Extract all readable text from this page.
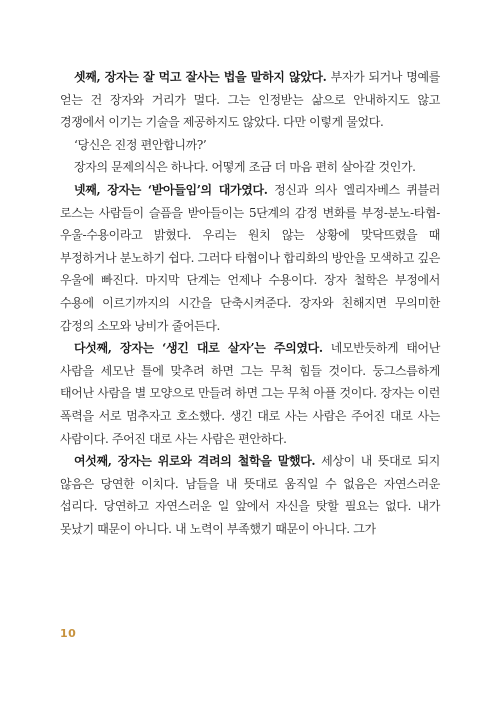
셋째, 장자는 잘 먹고 잘사는 법을 말하지 않았다. 부자가 되거나 명예를 얻는 건 장자와 거리가 멀다. 그는 인정받는 삶으로 안내하지도 않고 경쟁에서 이기는 기술을 제공하지도 않았다. 다만 이렇게 물었다.

‘당신은 진정 편안합니까?’

장자의 문제의식은 하나다. 어떻게 조금 더 마음 편히 살아갈 것인가.

넷째, 장자는 ‘받아들임’의 대가였다. 정신과 의사 엘리자베스 퀴블러 로스는 사람들이 슬픔을 받아들이는 5단계의 감정 변화를 부정-분노-타협-우울-수용이라고 밝혔다. 우리는 원치 않는 상황에 맞닥뜨렸을 때 부정하거나 분노하기 쉽다. 그러다 타협이나 합리화의 방안을 모색하고 깊은 우울에 빠진다. 마지막 단계는 언제나 수용이다. 장자 철학은 부정에서 수용에 이르기까지의 시간을 단축시켜준다. 장자와 친해지면 무의미한 감정의 소모와 낭비가 줄어든다.

다섯째, 장자는 ‘생긴 대로 살자’는 주의였다. 네모반듯하게 태어난 사람을 세모난 틀에 맞추려 하면 그는 무척 힘들 것이다. 둥그스름하게 태어난 사람을 별 모양으로 만들려 하면 그는 무척 아플 것이다. 장자는 이런 폭력을 서로 멈추자고 호소했다. 생긴 대로 사는 사람은 주어진 대로 사는 사람이다. 주어진 대로 사는 사람은 편안하다.

여섯째, 장자는 위로와 격려의 철학을 말했다. 세상이 내 뜻대로 되지 않음은 당연한 이치다. 남들을 내 뜻대로 움직일 수 없음은 자연스러운 섭리다. 당연하고 자연스러운 일 앞에서 자신을 탓할 필요는 없다. 내가 못났기 때문이 아니다. 내 노력이 부족했기 때문이 아니다. 그가

10
